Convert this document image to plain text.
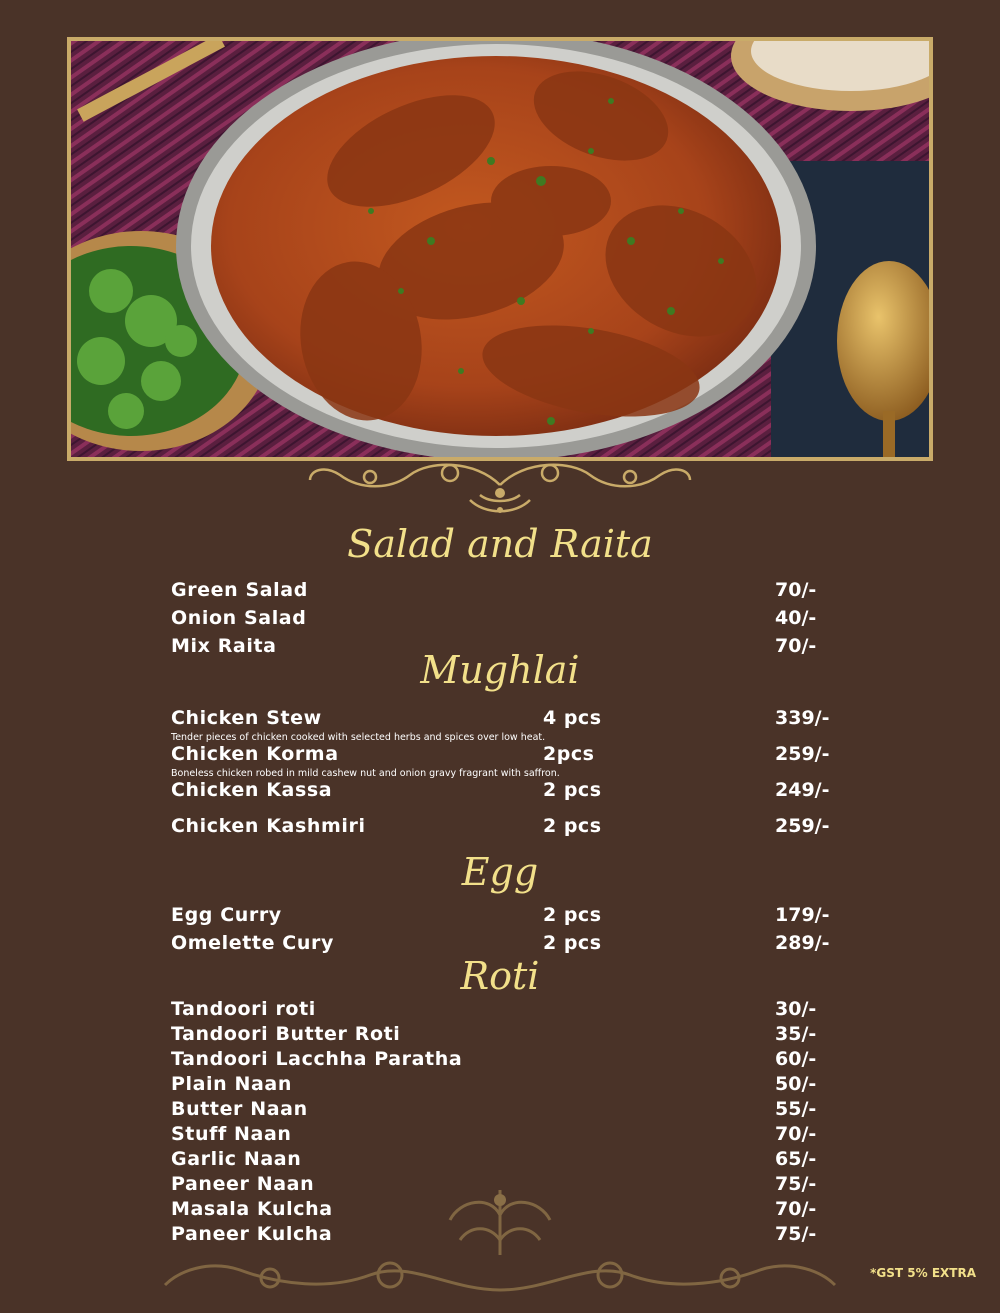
Salad and Raita
Green Salad	70/-
Onion Salad	40/-
Mix Raita	70/-
Mughlai
Chicken Stew	4 pcs	339/-
Tender pieces of chicken cooked with selected herbs and spices over low heat.
Chicken Korma	2pcs	259/-
Boneless chicken robed in mild cashew nut and onion gravy fragrant with saffron.
Chicken Kassa	2 pcs	249/-
Chicken Kashmiri	2 pcs	259/-
Egg
Egg Curry	2 pcs	179/-
Omelette Cury	2 pcs	289/-
Roti
Tandoori roti	30/-
Tandoori Butter Roti	35/-
Tandoori Lacchha Paratha	60/-
Plain Naan	50/-
Butter Naan	55/-
Stuff Naan	70/-
Garlic Naan	65/-
Paneer Naan	75/-
Masala Kulcha	70/-
Paneer Kulcha	75/-
*GST 5% EXTRA
